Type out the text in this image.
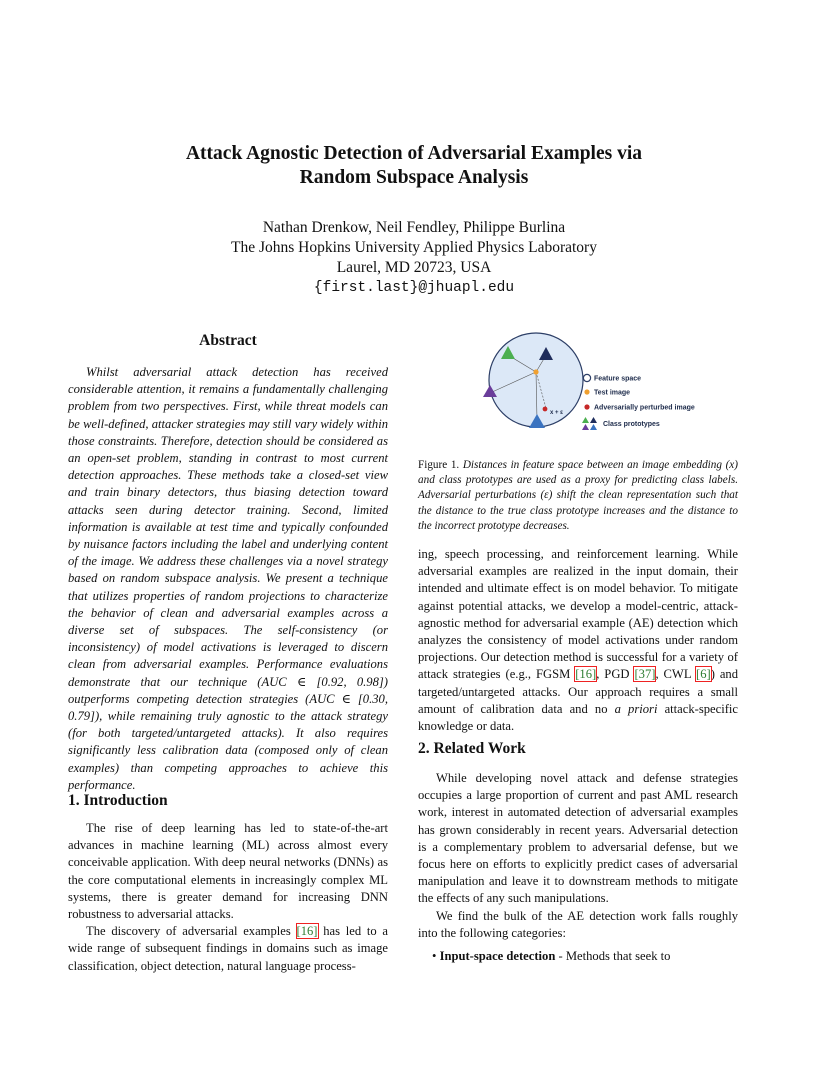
Attack Agnostic Detection of Adversarial Examples via
Random Subspace Analysis
Nathan Drenkow, Neil Fendley, Philippe Burlina
The Johns Hopkins University Applied Physics Laboratory
Laurel, MD 20723, USA
{first.last}@jhuapl.edu
Abstract

Whilst adversarial attack detection has received considerable attention, it remains a fundamentally challenging problem from two perspectives. First, while threat models can be well-defined, attacker strategies may still vary widely within those constraints. Therefore, detection should be considered as an open-set problem, standing in contrast to most current detection approaches. These methods take a closed-set view and train binary detectors, thus biasing detection toward attacks seen during detector training. Second, limited information is available at test time and typically confounded by nuisance factors including the label and underlying content of the image. We address these challenges via a novel strategy based on random subspace analysis. We present a technique that utilizes properties of random projections to characterize the behavior of clean and adversarial examples across a diverse set of subspaces. The self-consistency (or inconsistency) of model activations is leveraged to discern clean from adversarial examples. Performance evaluations demonstrate that our technique (AUC ∈ [0.92, 0.98]) outperforms competing detection strategies (AUC ∈ [0.30, 0.79]), while remaining truly agnostic to the attack strategy (for both targeted/untargeted attacks). It also requires significantly less calibration data (composed only of clean examples) than competing approaches to achieve this performance.

1. Introduction

The rise of deep learning has led to state-of-the-art advances in machine learning (ML) across almost every conceivable application. With deep neural networks (DNNs) as the core computational elements in increasingly complex ML systems, there is greater demand for increasing DNN robustness to adversarial attacks.

The discovery of adversarial examples [16] has led to a wide range of subsequent findings in domains such as image classification, object detection, natural language process-

x + ε
Feature space
Test image
Adversarially perturbed image
Class prototypes
Figure 1. Distances in feature space between an image embedding (x) and class prototypes are used as a proxy for predicting class labels. Adversarial perturbations (ε) shift the clean representation such that the distance to the true class prototype increases and the distance to the incorrect prototype decreases.

ing, speech processing, and reinforcement learning. While adversarial examples are realized in the input domain, their intended and ultimate effect is on model behavior. To mitigate against potential attacks, we develop a model-centric, attack-agnostic method for adversarial example (AE) detection which analyzes the consistency of model activations under random projections. Our detection method is successful for a variety of attack strategies (e.g., FGSM [16], PGD [37], CWL [6]) and targeted/untargeted attacks. Our approach requires a small amount of calibration data and no a priori attack-specific knowledge or data.

2. Related Work

While developing novel attack and defense strategies occupies a large proportion of current and past AML research work, interest in automated detection of adversarial examples has grown considerably in recent years. Adversarial detection is a complementary problem to adversarial defense, but we focus here on efforts to explicitly predict cases of adversarial manipulation and leave it to downstream methods to mitigate the effects of any such manipulations.

We find the bulk of the AE detection work falls roughly into the following categories:

• Input-space detection - Methods that seek to
